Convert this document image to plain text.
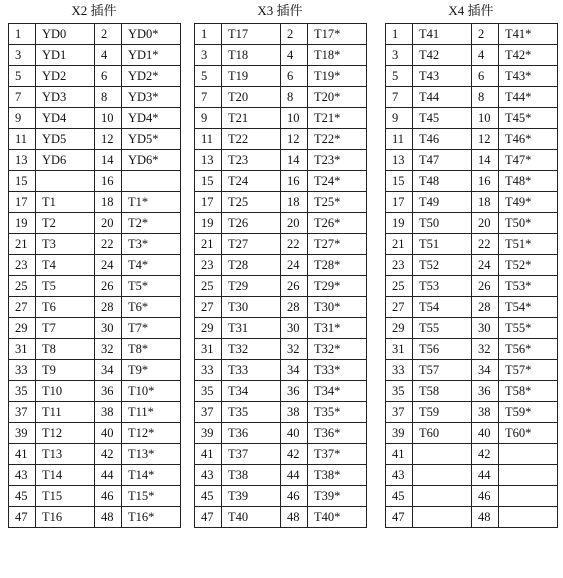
X2 插件
1	YD0	2	YD0*
3	YD1	4	YD1*
5	YD2	6	YD2*
7	YD3	8	YD3*
9	YD4	10	YD4*
11	YD5	12	YD5*
13	YD6	14	YD6*
15		16	
17	T1	18	T1*
19	T2	20	T2*
21	T3	22	T3*
23	T4	24	T4*
25	T5	26	T5*
27	T6	28	T6*
29	T7	30	T7*
31	T8	32	T8*
33	T9	34	T9*
35	T10	36	T10*
37	T11	38	T11*
39	T12	40	T12*
41	T13	42	T13*
43	T14	44	T14*
45	T15	46	T15*
47	T16	48	T16*
X3 插件
1	T17	2	T17*
3	T18	4	T18*
5	T19	6	T19*
7	T20	8	T20*
9	T21	10	T21*
11	T22	12	T22*
13	T23	14	T23*
15	T24	16	T24*
17	T25	18	T25*
19	T26	20	T26*
21	T27	22	T27*
23	T28	24	T28*
25	T29	26	T29*
27	T30	28	T30*
29	T31	30	T31*
31	T32	32	T32*
33	T33	34	T33*
35	T34	36	T34*
37	T35	38	T35*
39	T36	40	T36*
41	T37	42	T37*
43	T38	44	T38*
45	T39	46	T39*
47	T40	48	T40*
X4 插件
1	T41	2	T41*
3	T42	4	T42*
5	T43	6	T43*
7	T44	8	T44*
9	T45	10	T45*
11	T46	12	T46*
13	T47	14	T47*
15	T48	16	T48*
17	T49	18	T49*
19	T50	20	T50*
21	T51	22	T51*
23	T52	24	T52*
25	T53	26	T53*
27	T54	28	T54*
29	T55	30	T55*
31	T56	32	T56*
33	T57	34	T57*
35	T58	36	T58*
37	T59	38	T59*
39	T60	40	T60*
41		42	
43		44	
45		46	
47		48	
